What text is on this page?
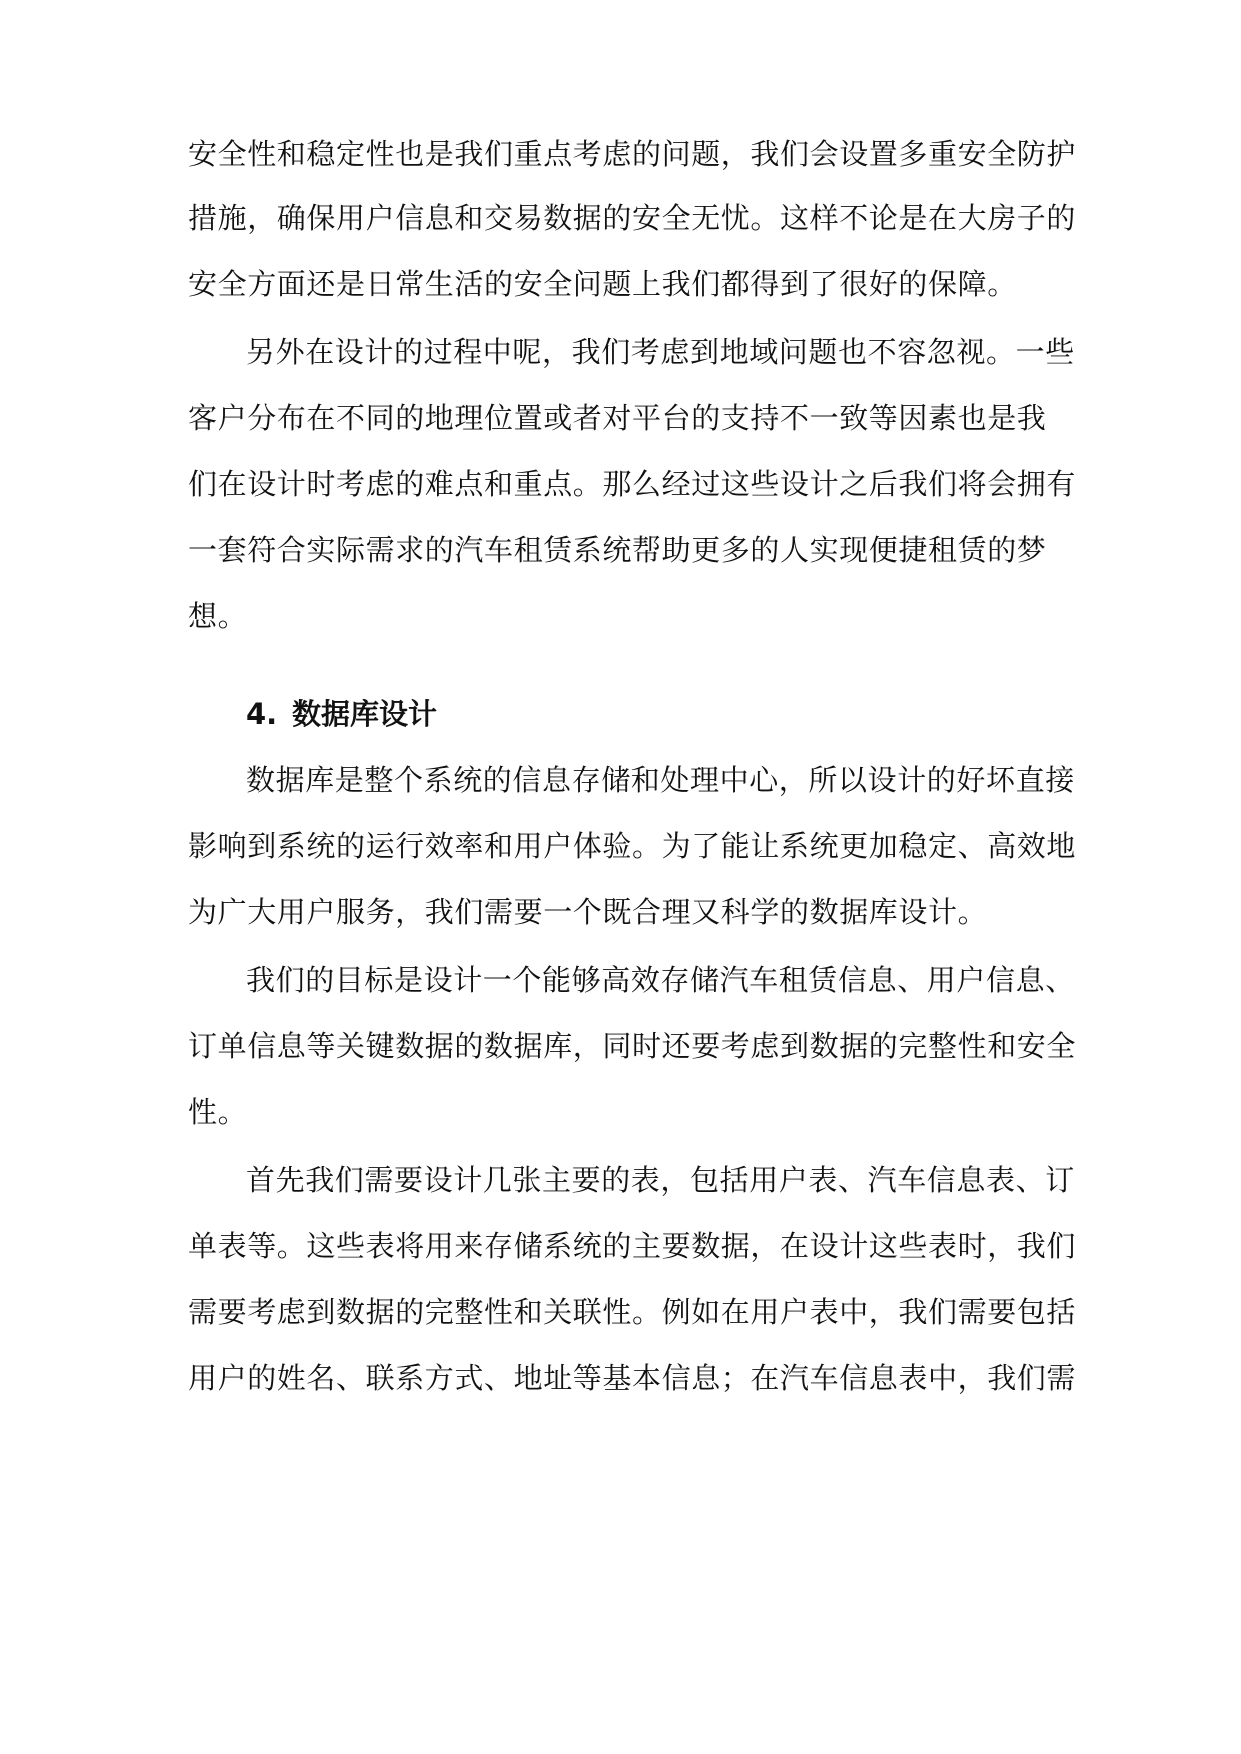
安全性和稳定性也是我们重点考虑的问题，我们会设置多重安全防护
措施，确保用户信息和交易数据的安全无忧。这样不论是在大房子的
安全方面还是日常生活的安全问题上我们都得到了很好的保障。
另外在设计的过程中呢，我们考虑到地域问题也不容忽视。一些
客户分布在不同的地理位置或者对平台的支持不一致等因素也是我
们在设计时考虑的难点和重点。那么经过这些设计之后我们将会拥有
一套符合实际需求的汽车租赁系统帮助更多的人实现便捷租赁的梦
想。
4. 数据库设计
数据库是整个系统的信息存储和处理中心，所以设计的好坏直接
影响到系统的运行效率和用户体验。为了能让系统更加稳定、高效地
为广大用户服务，我们需要一个既合理又科学的数据库设计。
我们的目标是设计一个能够高效存储汽车租赁信息、用户信息、
订单信息等关键数据的数据库，同时还要考虑到数据的完整性和安全
性。
首先我们需要设计几张主要的表，包括用户表、汽车信息表、订
单表等。这些表将用来存储系统的主要数据，在设计这些表时，我们
需要考虑到数据的完整性和关联性。例如在用户表中，我们需要包括
用户的姓名、联系方式、地址等基本信息；在汽车信息表中，我们需
